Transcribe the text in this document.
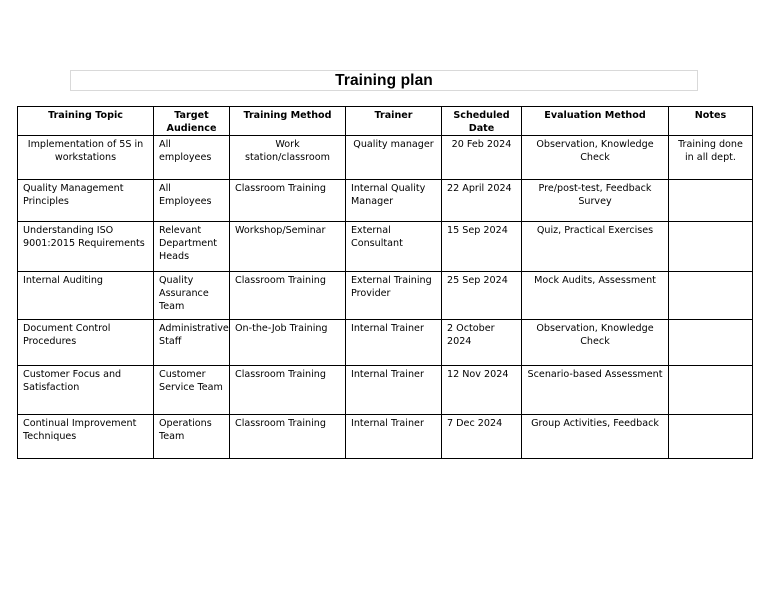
Training plan
Training Topic	Target Audience	Training Method	Trainer	Scheduled Date	Evaluation Method	Notes
Implementation of 5S in workstations	All employees	Work station/classroom	Quality manager	20 Feb 2024	Observation, Knowledge Check	Training done in all dept.
Quality Management Principles	All Employees	Classroom Training	Internal Quality Manager	22 April 2024	Pre/post-test, Feedback Survey	
Understanding ISO 9001:2015 Requirements	Relevant Department Heads	Workshop/Seminar	External Consultant	15 Sep 2024	Quiz, Practical Exercises	
Internal Auditing	Quality Assurance Team	Classroom Training	External Training Provider	25 Sep 2024	Mock Audits, Assessment	
Document Control Procedures	Administrative Staff	On-the-Job Training	Internal Trainer	2 October 2024	Observation, Knowledge Check	
Customer Focus and Satisfaction	Customer Service Team	Classroom Training	Internal Trainer	12 Nov 2024	Scenario-based Assessment	
Continual Improvement Techniques	Operations Team	Classroom Training	Internal Trainer	7 Dec 2024	Group Activities, Feedback	
